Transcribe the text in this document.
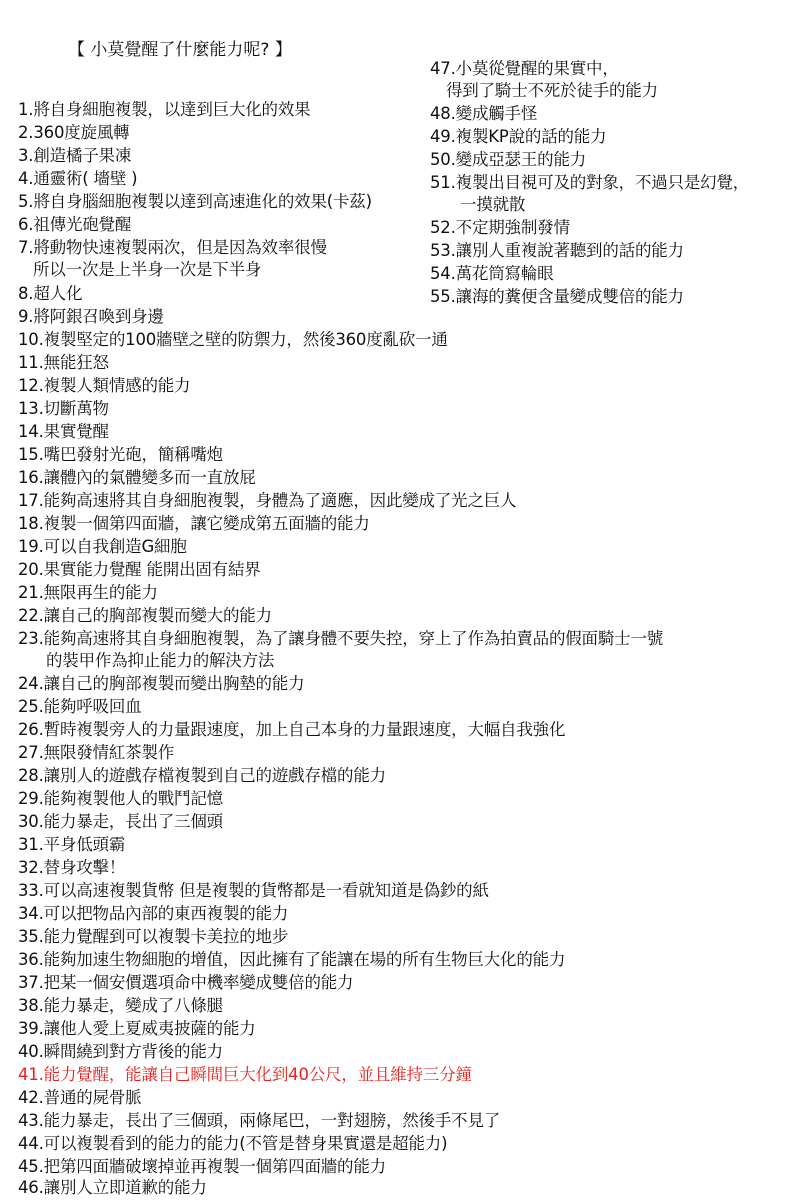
【 小莫覺醒了什麼能力呢? 】
47.小莫從覺醒的果實中，
得到了騎士不死於徒手的能力
48.變成觸手怪
49.複製KP說的話的能力
50.變成亞瑟王的能力
51.複製出目視可及的對象，不過只是幻覺，
一摸就散
52.不定期強制發情
53.讓別人重複說著聽到的話的能力
54.萬花筒寫輪眼
55.讓海的糞便含量變成雙倍的能力
1.將自身細胞複製，以達到巨大化的效果
2.360度旋風轉
3.創造橘子果凍
4.通靈術( 墻壁 )
5.將自身腦細胞複製以達到高速進化的效果(卡茲)
6.祖傳光砲覺醒
7.將動物快速複製兩次，但是因為效率很慢
所以一次是上半身一次是下半身
8.超人化
9.將阿銀召喚到身邊
10.複製堅定的100牆壁之壁的防禦力，然後360度亂砍一通
11.無能狂怒
12.複製人類情感的能力
13.切斷萬物
14.果實覺醒
15.嘴巴發射光砲，簡稱嘴炮
16.讓體內的氣體變多而一直放屁
17.能夠高速將其自身細胞複製，身體為了適應，因此變成了光之巨人
18.複製一個第四面牆，讓它變成第五面牆的能力
19.可以自我創造G細胞
20.果實能力覺醒 能開出固有結界
21.無限再生的能力
22.讓自己的胸部複製而變大的能力
23.能夠高速將其自身細胞複製，為了讓身體不要失控，穿上了作為拍賣品的假面騎士一號
的裝甲作為抑止能力的解決方法
24.讓自己的胸部複製而變出胸墊的能力
25.能夠呼吸回血
26.暫時複製旁人的力量跟速度，加上自己本身的力量跟速度，大幅自我強化
27.無限發情紅茶製作
28.讓別人的遊戲存檔複製到自己的遊戲存檔的能力
29.能夠複製他人的戰鬥記憶
30.能力暴走，長出了三個頭
31.平身低頭霸
32.替身攻擊！
33.可以高速複製貨幣 但是複製的貨幣都是一看就知道是偽鈔的紙
34.可以把物品內部的東西複製的能力
35.能力覺醒到可以複製卡美拉的地步
36.能夠加速生物細胞的增值，因此擁有了能讓在場的所有生物巨大化的能力
37.把某一個安價選項命中機率變成雙倍的能力
38.能力暴走，變成了八條腿
39.讓他人愛上夏威夷披薩的能力
40.瞬間繞到對方背後的能力
41.能力覺醒，能讓自己瞬間巨大化到40公尺，並且維持三分鐘
42.普通的屍骨脈
43.能力暴走，長出了三個頭，兩條尾巴，一對翅膀，然後手不見了
44.可以複製看到的能力的能力(不管是替身果實還是超能力)
45.把第四面牆破壞掉並再複製一個第四面牆的能力
46.讓別人立即道歉的能力
